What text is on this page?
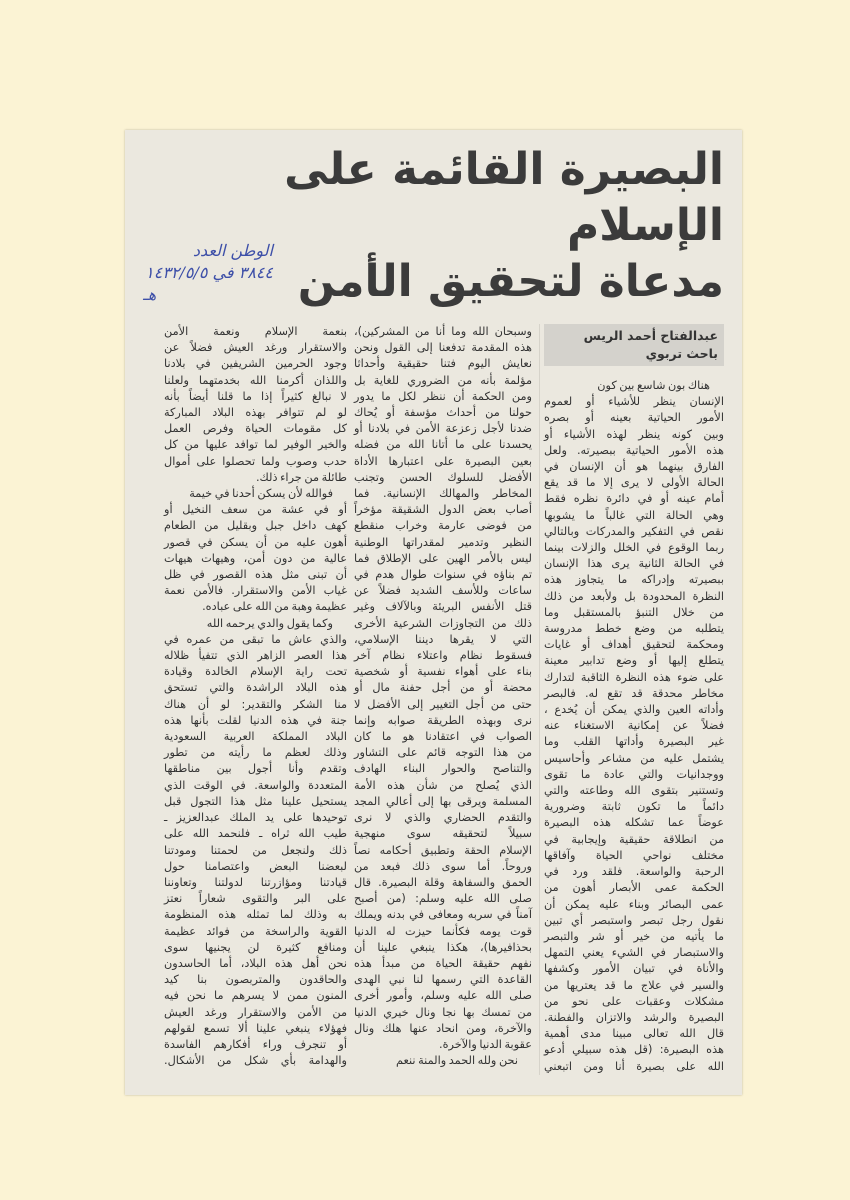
البصيرة القائمة على الإسلام
مدعاة لتحقيق الأمن
الوطن العدد
٣٨٤٤ في ١٤٣٢/٥/٥
هـ
عبدالفتاح أحمد الريس
باحث تربوي
هناك بون شاسع بين كون
الإنسان ينظر للأشياء أو لعموم
الأمور الحياتية بعينه أو بصره
وبين كونه ينظر لهذه الأشياء أو
هذه الأمور الحياتية ببصيرته. ولعل
الفارق بينهما هو أن الإنسان في
الحالة الأولى لا يرى إلا ما قد يقع
أمام عينه أو في دائرة نظره فقط
وهي الحالة التي غالباً ما يشوبها
نقص في التفكير والمدركات وبالتالي
ربما الوقوع في الخلل والزلات بينما
في الحالة الثانية يرى هذا الإنسان
ببصيرته وإدراكه ما يتجاوز هذه
النظرة المحدودة بل ولأبعد من ذلك
من خلال التنبؤ بالمستقبل وما
يتطلبه من وضع خطط مدروسة
ومحكمة لتحقيق أهداف أو غايات
يتطلع إليها أو وضع تدابير معينة
على ضوء هذه النظرة الثاقبة لتدارك
مخاطر محدقة قد تقع له. فالبصر
وأداته العين والذي يمكن أن يُخدع ،
فضلاً عن إمكانية الاستغناء عنه
غير البصيرة وأداتها القلب وما
يشتمل عليه من مشاعر وأحاسيس
ووجدانيات والتي عادة ما تقوى
وتستنير بتقوى الله وطاعته والتي
دائماً ما تكون ثابتة وضرورية
عوضاً عما تشكله هذه البصيرة
من انطلاقة حقيقية وإيجابية في
مختلف نواحي الحياة وآفاقها
الرحبة والواسعة. فلقد ورد في
الحكمة عمى الأبصار أهون من
عمى البصائر وبناء عليه يمكن أن
نقول رجل تبصر واستبصر أي تبين
ما يأتيه من خير أو شر والتبصر
والاستبصار في الشيء يعني التمهل
والأناة في تبيان الأمور وكشفها
والسير في علاج ما قد يعتريها من
مشكلات وعقبات على نحو من
البصيرة والرشد والاتزان والفطنة.
قال الله تعالى مبينا مدى أهمية
هذه البصيرة: (قل هذه سبيلي أدعو
الله على بصيرة أنا ومن اتبعني
وسبحان الله وما أنا من المشركين)،
هذه المقدمة تدفعنا إلى القول ونحن
نعايش اليوم فتنا حقيقية وأحداثا
مؤلمة بأنه من الضروري للغاية بل
ومن الحكمة أن ننظر لكل ما يدور
حولنا من أحداث مؤسفة أو يُحاك
ضدنا لأجل زعزعة الأمن في بلادنا أو
يحسدنا على ما أتانا الله من فضله
بعين البصيرة على اعتبارها الأداة
الأفضل للسلوك الحسن وتجنب
المخاطر والمهالك الإنسانية. فما
أصاب بعض الدول الشقيقة مؤخراً
من فوضى عارمة وخراب منقطع
النظير وتدمير لمقدراتها الوطنية
ليس بالأمر الهين على الإطلاق فما
تم بناؤه في سنوات طوال هدم في
ساعات وللأسف الشديد فضلاً عن
قتل الأنفس البريئة وبالآلاف وغير
ذلك من التجاوزات الشرعية الأخرى
التي لا يقرها ديننا الإسلامي،
فسقوط نظام واعتلاء نظام آخر
بناء على أهواء نفسية أو شخصية
محضة أو من أجل حفنة مال أو
حتى من أجل التغيير إلى الأفضل لا
نرى وبهذه الطريقة صوابه وإنما
الصواب في اعتقادنا هو ما كان
من هذا التوجه قائم على التشاور
والتناصح والحوار البناء الهادف
الذي يُصلح من شأن هذه الأمة
المسلمة ويرقى بها إلى أعالي المجد
والتقدم الحضاري والذي لا نرى
سبيلاً لتحقيقه سوى منهجية
الإسلام الحقة وتطبيق أحكامه نصاً
وروحاً. أما سوى ذلك فبعد من
الحمق والسفاهة وقلة البصيرة. قال
صلى الله عليه وسلم: (من أصبح
آمناً في سربه ومعافى في بدنه ويملك
قوت يومه فكأنما حيزت له الدنيا
بحذافيرها)، هكذا ينبغي علينا أن
نفهم حقيقة الحياة من مبدأ هذه
القاعدة التي رسمها لنا نبي الهدى
صلى الله عليه وسلم، وأمور أخرى
من تمسك بها نجا ونال خيري الدنيا
والآخرة، ومن انحاد عنها هلك ونال
عقوبة الدنيا والآخرة.
نحن ولله الحمد والمنة ننعم
بنعمة الإسلام ونعمة الأمن
والاستقرار ورغد العيش فضلاً عن
وجود الحرمين الشريفين في بلادنا
واللذان أكرمنا الله بخدمتهما ولعلنا
لا نبالغ كثيراً إذا ما قلنا أيضاً بأنه
لو لم تتوافر بهذه البلاد المباركة
كل مقومات الحياة وفرص العمل
والخير الوفير لما توافد عليها من كل
حدب وصوب ولما تحصلوا على أموال
طائلة من جراء ذلك.
فوالله لأن يسكن أحدنا في خيمة
أو في عشة من سعف النخيل أو
كهف داخل جبل وبقليل من الطعام
أهون عليه من أن يسكن في قصور
عالية من دون أمن، وهيهات هيهات
أن تبنى مثل هذه القصور في ظل
غياب الأمن والاستقرار. فالأمن نعمة
عظيمة وهبة من الله على عباده.
وكما يقول والدي يرحمه الله
والذي عاش ما تبقى من عمره في
هذا العصر الزاهر الذي تتفيأ ظلاله
تحت راية الإسلام الخالدة وقيادة
هذه البلاد الراشدة والتي تستحق
منا الشكر والتقدير: لو أن هناك
جنة في هذه الدنيا لقلت بأنها هذه
البلاد المملكة العربية السعودية
وذلك لعظم ما رأيته من تطور
وتقدم وأنا أجول بين مناطقها
المتعددة والواسعة. في الوقت الذي
يستحيل علينا مثل هذا التجول قبل
توحيدها على يد الملك عبدالعزيز ـ
طيب الله ثراه ـ فلنحمد الله على
ذلك ولنجعل من لحمتنا ومودتنا
لبعضنا البعض واعتصامنا حول
قيادتنا ومؤازرتنا لدولتنا وتعاوننا
على البر والتقوى شعاراً نعتز
به وذلك لما تمثله هذه المنظومة
القوية والراسخة من فوائد عظيمة
ومنافع كثيرة لن يجنيها سوى
نحن أهل هذه البلاد، أما الحاسدون
والحاقدون والمتربصون بنا كيد
المنون ممن لا يسرهم ما نحن فيه
من الأمن والاستقرار ورغد العيش
فهؤلاء ينبغي علينا ألا تسمع لقولهم
أو تنجرف وراء أفكارهم الفاسدة
والهدامة بأي شكل من الأشكال.
